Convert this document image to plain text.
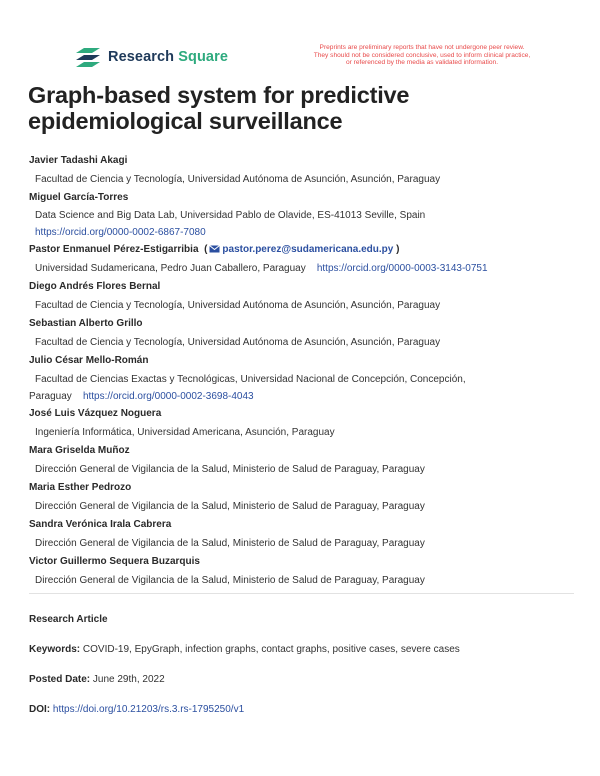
Research Square
Preprints are preliminary reports that have not undergone peer review.
They should not be considered conclusive, used to inform clinical practice,
or referenced by the media as validated information.
Graph-based system for predictive epidemiological surveillance
Javier Tadashi Akagi
Facultad de Ciencia y Tecnología, Universidad Autónoma de Asunción, Asunción, Paraguay
Miguel García-Torres
Data Science and Big Data Lab, Universidad Pablo de Olavide, ES-41013 Seville, Spain
https://orcid.org/0000-0002-6867-7080
Pastor Enmanuel Pérez-Estigarribia  ( pastor.perez@sudamericana.edu.py )
Universidad Sudamericana, Pedro Juan Caballero, Paraguay https://orcid.org/0000-0003-3143-0751
Diego Andrés Flores Bernal
Facultad de Ciencia y Tecnología, Universidad Autónoma de Asunción, Asunción, Paraguay
Sebastian Alberto Grillo
Facultad de Ciencia y Tecnología, Universidad Autónoma de Asunción, Asunción, Paraguay
Julio César Mello-Román
Facultad de Ciencias Exactas y Tecnológicas, Universidad Nacional de Concepción, Concepción,
Paraguay https://orcid.org/0000-0002-3698-4043
José Luis Vázquez Noguera
Ingeniería Informática, Universidad Americana, Asunción, Paraguay
Mara Griselda Muñoz
Dirección General de Vigilancia de la Salud, Ministerio de Salud de Paraguay, Paraguay
Maria Esther Pedrozo
Dirección General de Vigilancia de la Salud, Ministerio de Salud de Paraguay, Paraguay
Sandra Verónica Irala Cabrera
Dirección General de Vigilancia de la Salud, Ministerio de Salud de Paraguay, Paraguay
Victor Guillermo Sequera Buzarquis
Dirección General de Vigilancia de la Salud, Ministerio de Salud de Paraguay, Paraguay
Research Article
Keywords: COVID-19, EpyGraph, infection graphs, contact graphs, positive cases, severe cases
Posted Date: June 29th, 2022
DOI: https://doi.org/10.21203/rs.3.rs-1795250/v1
